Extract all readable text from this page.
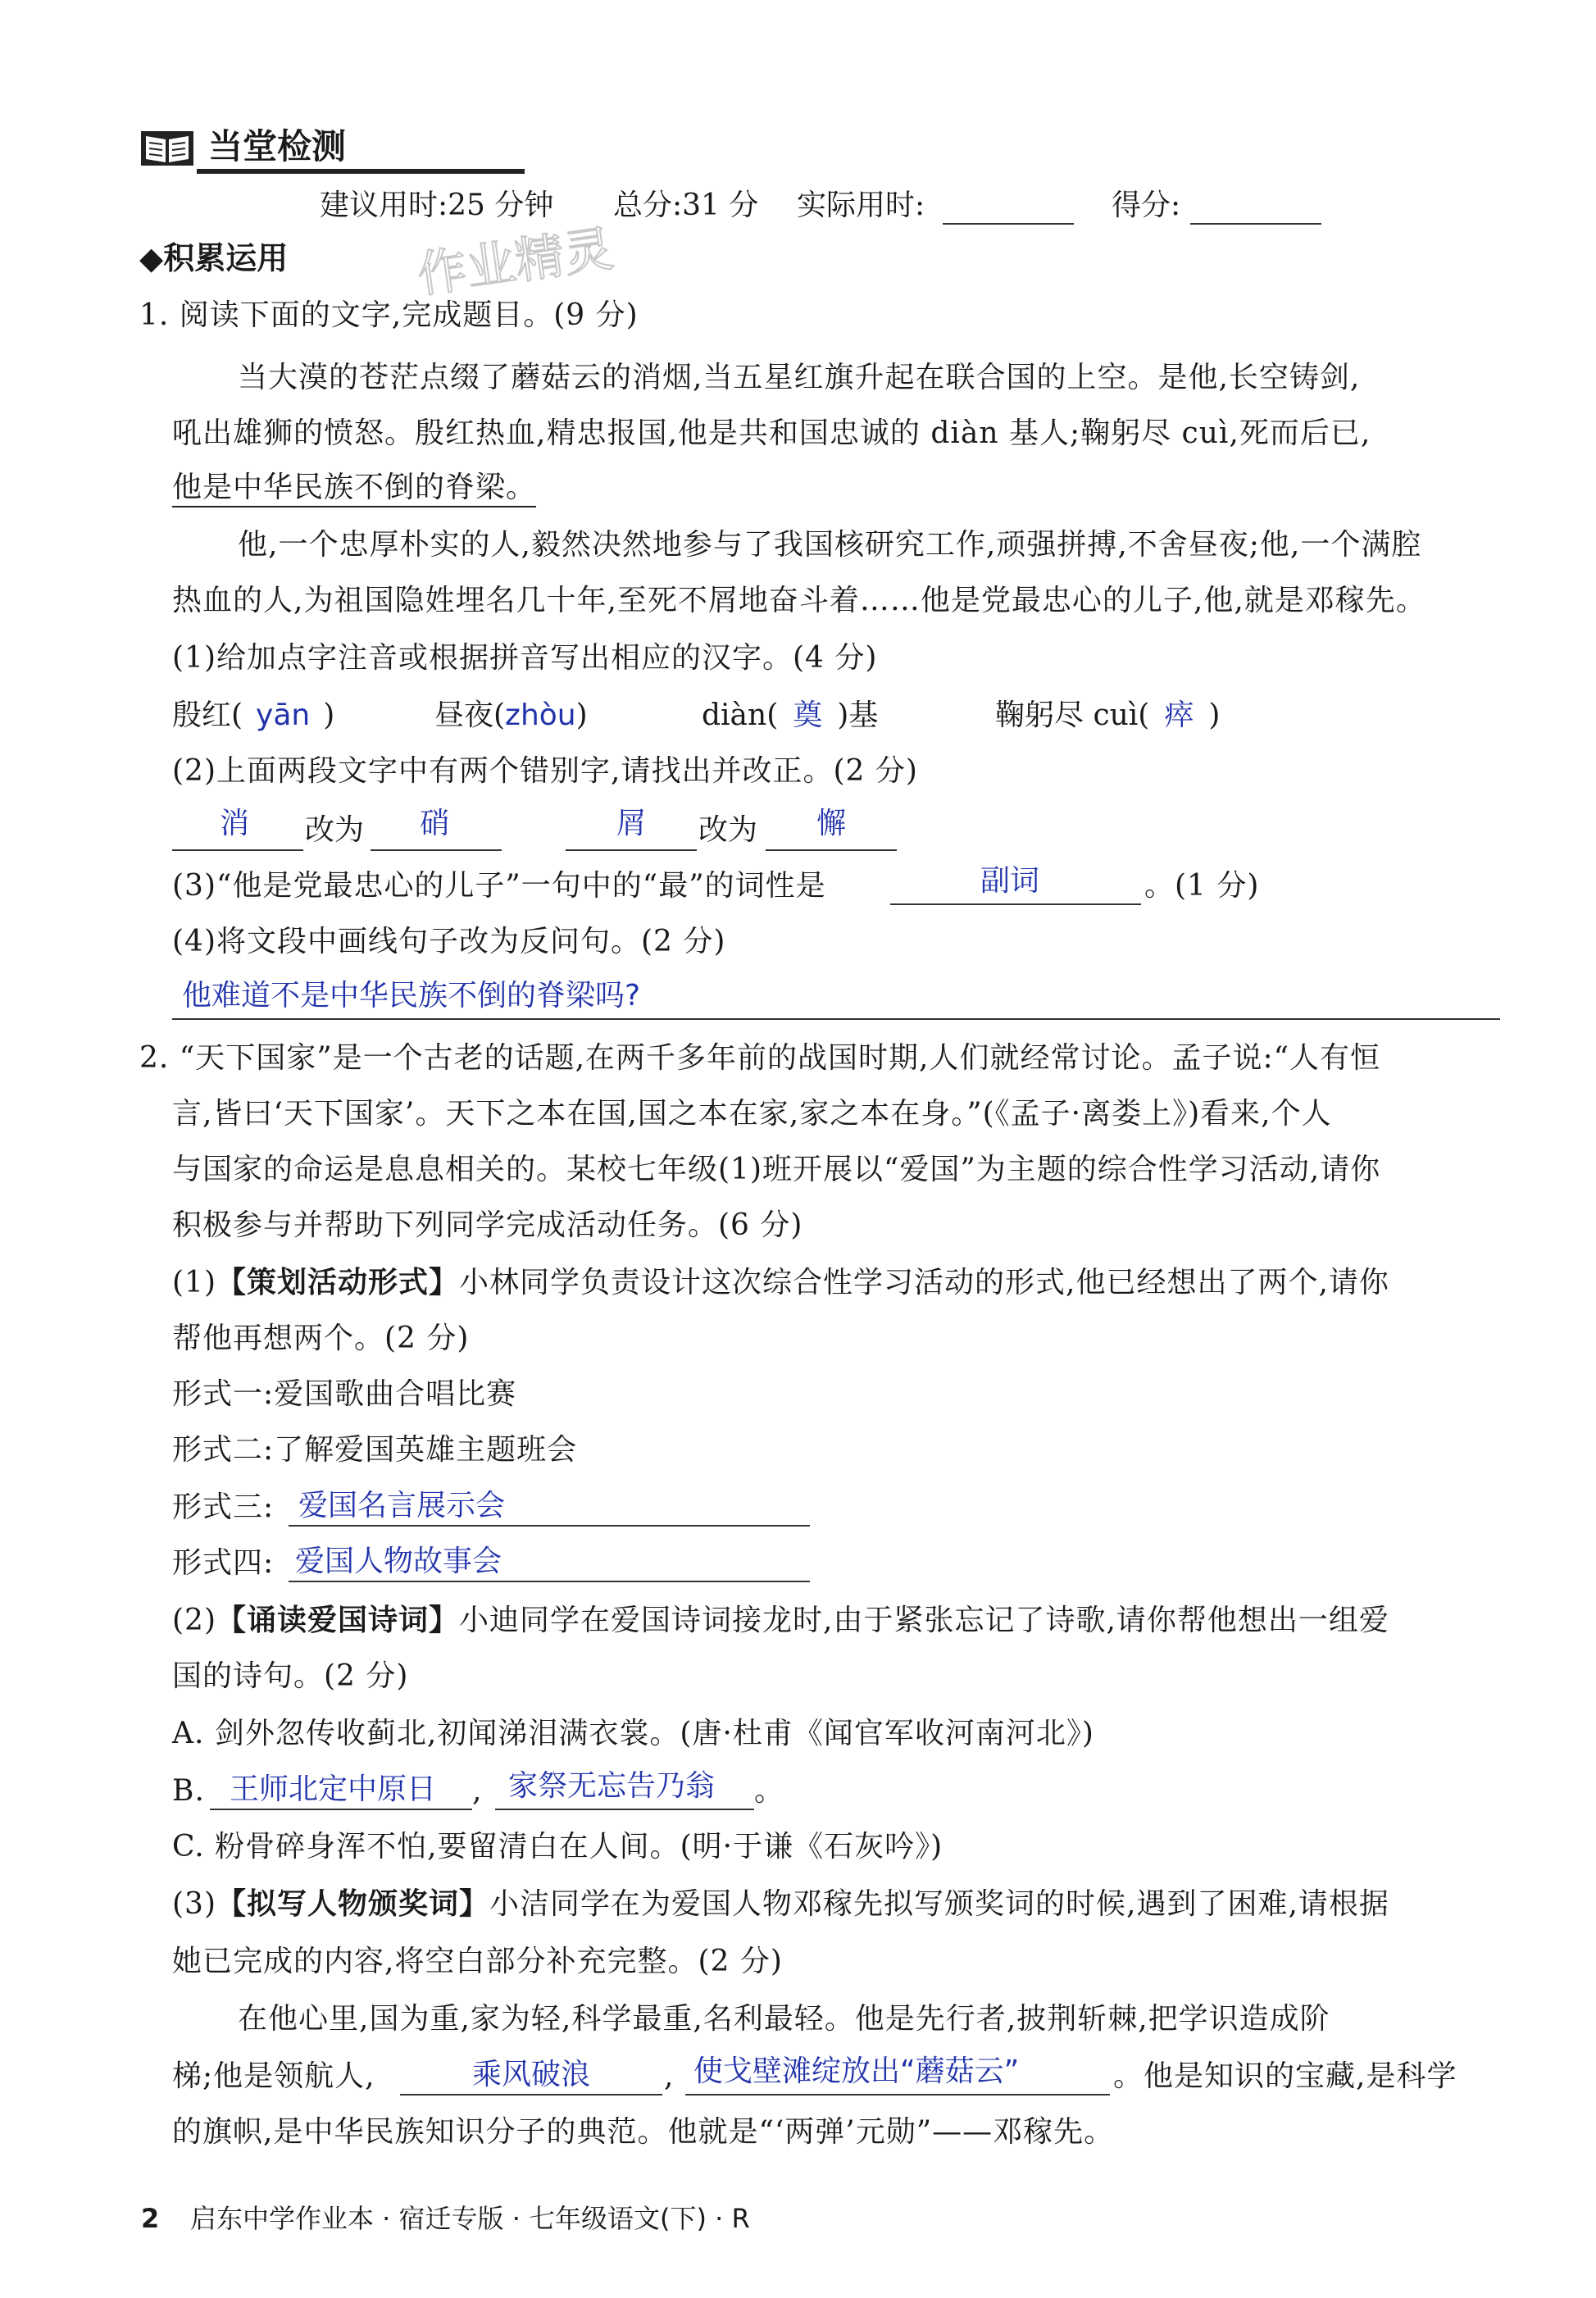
当堂检测
建议用时:25 分钟 总分:31 分 实际用时:	得分:
作业精灵
◆积累运用
1. 阅读下面的文字,完成题目。(9 分)
当大漠的苍茫点缀了蘑菇云的消烟,当五星红旗升起在联合国的上空。是他,长空铸剑,
吼出雄狮的愤怒。殷红热血,精忠报国,他是共和国忠诚的 diàn 基人;鞠躬尽 cuì,死而后已,
他是中华民族不倒的脊梁。
他,一个忠厚朴实的人,毅然决然地参与了我国核研究工作,顽强拼搏,不舍昼夜;他,一个满腔
热血的人,为祖国隐姓埋名几十年,至死不屑地奋斗着……他是党最忠心的儿子,他,就是邓稼先。
(1)给加点字注音或根据拼音写出相应的汉字。(4 分)
殷红( yān )	昼夜(zhòu)	diàn( 奠 )基	鞠躬尽 cuì( 瘁 )
(2)上面两段文字中有两个错别字,请找出并改正。(2 分)
消 改为 硝	屑 改为 懈
(3)“他是党最忠心的儿子”一句中的“最”的词性是	副词	。(1 分)
(4)将文段中画线句子改为反问句。(2 分)
他难道不是中华民族不倒的脊梁吗?
2. “天下国家”是一个古老的话题,在两千多年前的战国时期,人们就经常讨论。孟子说:“人有恒
言,皆曰‘天下国家’。天下之本在国,国之本在家,家之本在身。”(《孟子·离娄上》)看来,个人
与国家的命运是息息相关的。某校七年级(1)班开展以“爱国”为主题的综合性学习活动,请你
积极参与并帮助下列同学完成活动任务。(6 分)
(1)【策划活动形式】小林同学负责设计这次综合性学习活动的形式,他已经想出了两个,请你
帮他再想两个。(2 分)
形式一:爱国歌曲合唱比赛
形式二:了解爱国英雄主题班会
形式三: 爱国名言展示会
形式四: 爱国人物故事会
(2)【诵读爱国诗词】小迪同学在爱国诗词接龙时,由于紧张忘记了诗歌,请你帮他想出一组爱
国的诗句。(2 分)
A. 剑外忽传收蓟北,初闻涕泪满衣裳。(唐·杜甫《闻官军收河南河北》)
B. 王师北定中原日 , 家祭无忘告乃翁 。
C. 粉骨碎身浑不怕,要留清白在人间。(明·于谦《石灰吟》)
(3)【拟写人物颁奖词】小洁同学在为爱国人物邓稼先拟写颁奖词的时候,遇到了困难,请根据
她已完成的内容,将空白部分补充完整。(2 分)
在他心里,国为重,家为轻,科学最重,名利最轻。他是先行者,披荆斩棘,把学识造成阶
梯;他是领航人,	乘风破浪 , 使戈壁滩绽放出“蘑菇云”	。他是知识的宝藏,是科学
的旗帜,是中华民族知识分子的典范。他就是“‘两弹’元勋”——邓稼先。
2 启东中学作业本 · 宿迁专版 · 七年级语文(下) · R
